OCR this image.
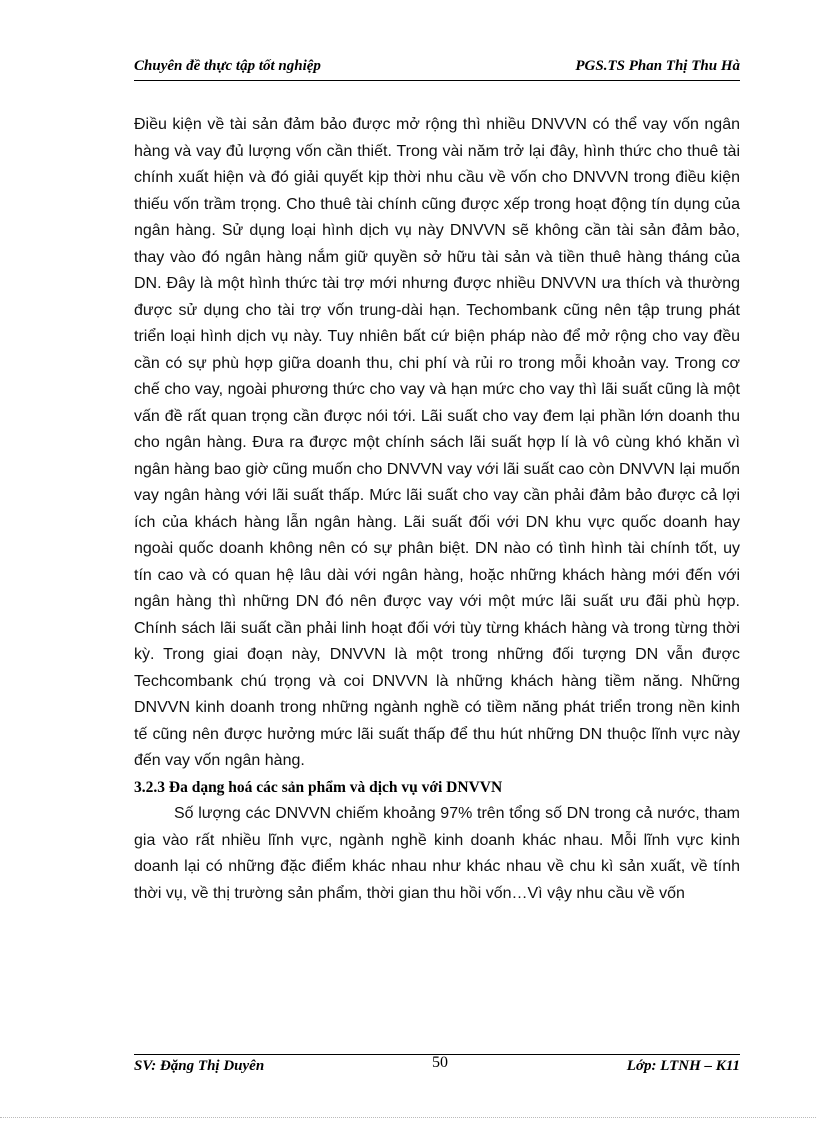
Chuyên đề thực tập tốt nghiệp	PGS.TS Phan Thị Thu Hà

Điều kiện về tài sản đảm bảo được mở rộng thì nhiều DNVVN có thể vay vốn ngân hàng và vay đủ lượng vốn cần thiết. Trong vài năm trở lại đây, hình thức cho thuê tài chính xuất hiện và đó giải quyết kịp thời nhu cầu về vốn cho DNVVN trong điều kiện thiếu vốn trầm trọng. Cho thuê tài chính cũng được xếp trong hoạt động tín dụng của ngân hàng. Sử dụng loại hình dịch vụ này DNVVN sẽ không cần tài sản đảm bảo, thay vào đó ngân hàng nắm giữ quyền sở hữu tài sản và tiền thuê hàng tháng của DN. Đây là một hình thức tài trợ mới nhưng được nhiều DNVVN ưa thích và thường được sử dụng cho tài trợ vốn trung-dài hạn. Techombank cũng nên tập trung phát triển loại hình dịch vụ này. Tuy nhiên bất cứ biện pháp nào để mở rộng cho vay đều cần có sự phù hợp giữa doanh thu, chi phí và rủi ro trong mỗi khoản vay. Trong cơ chế cho vay, ngoài phương thức cho vay và hạn mức cho vay thì lãi suất cũng là một vấn đề rất quan trọng cần được nói tới. Lãi suất cho vay đem lại phần lớn doanh thu cho ngân hàng. Đưa ra được một chính sách lãi suất hợp lí là vô cùng khó khăn vì ngân hàng bao giờ cũng muốn cho DNVVN vay với lãi suất cao còn DNVVN lại muốn vay ngân hàng với lãi suất thấp. Mức lãi suất cho vay cần phải đảm bảo được cả lợi ích của khách hàng lẫn ngân hàng. Lãi suất đối với DN khu vực quốc doanh hay ngoài quốc doanh không nên có sự phân biệt. DN nào có tình hình tài chính tốt, uy tín cao và có quan hệ lâu dài với ngân hàng, hoặc những khách hàng mới đến với ngân hàng thì những DN đó nên được vay với một mức lãi suất ưu đãi phù hợp. Chính sách lãi suất cần phải linh hoạt đối với tùy từng khách hàng và trong từng thời kỳ. Trong giai đoạn này, DNVVN là một trong những đối tượng DN vẫn được Techcombank chú trọng và coi DNVVN là những khách hàng tiềm năng. Những DNVVN kinh doanh trong những ngành nghề có tiềm năng phát triển trong nền kinh tế cũng nên được hưởng mức lãi suất thấp để thu hút những DN thuộc lĩnh vực này đến vay vốn ngân hàng.

3.2.3 Đa dạng hoá các sản phẩm và dịch vụ với DNVVN

Số lượng các DNVVN chiếm khoảng 97% trên tổng số DN trong cả nước, tham gia vào rất nhiều lĩnh vực, ngành nghề kinh doanh khác nhau. Mỗi lĩnh vực kinh doanh lại có những đặc điểm khác nhau như khác nhau về chu kì sản xuất, về tính thời vụ, về thị trường sản phẩm, thời gian thu hồi vốn…Vì vậy nhu cầu về vốn

SV: Đặng Thị Duyên	50	Lớp: LTNH – K11
